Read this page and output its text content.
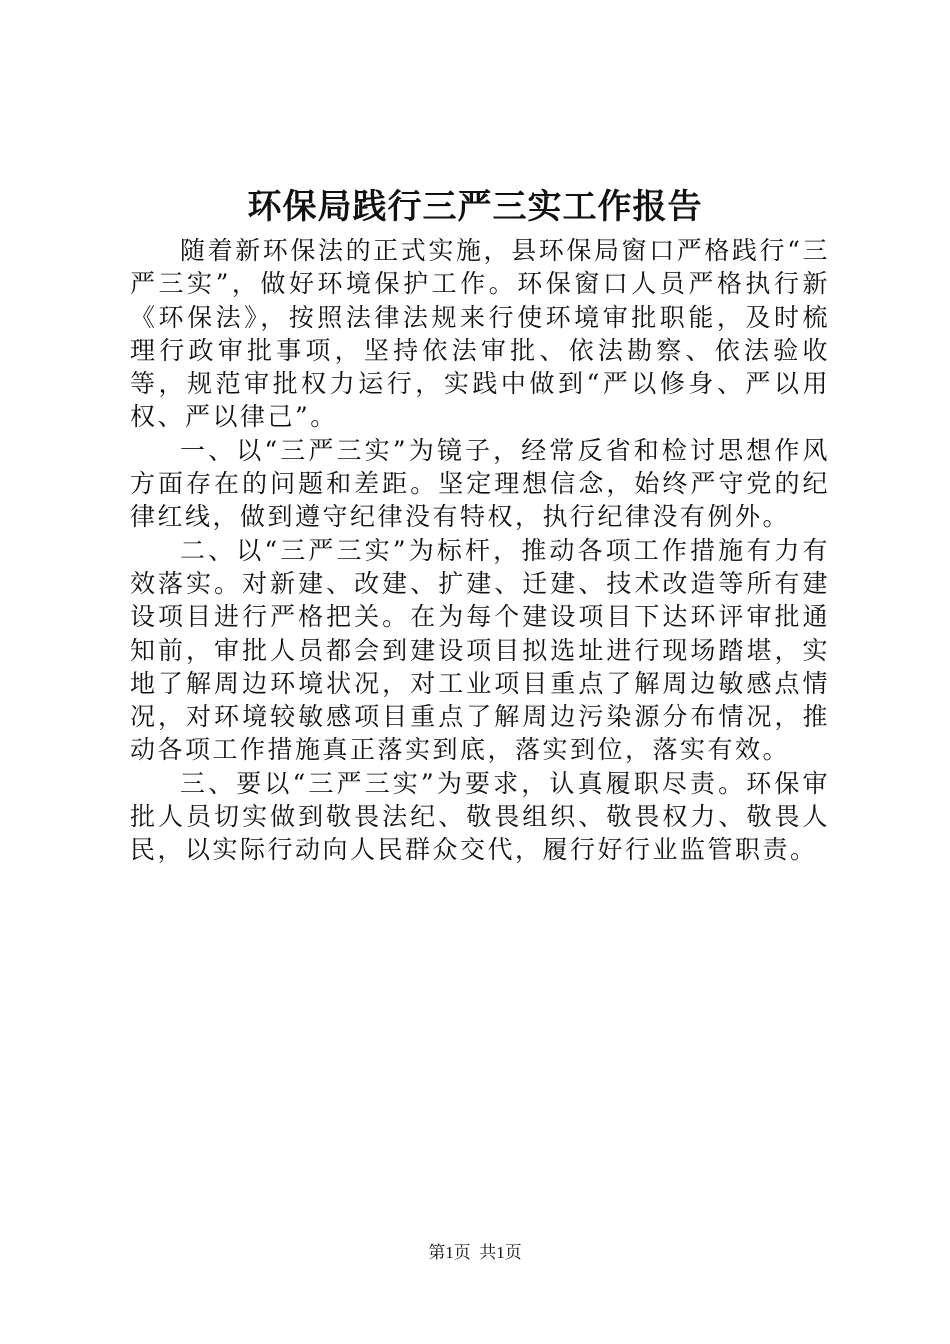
环保局践行三严三实工作报告

随着新环保法的正式实施，县环保局窗口严格践行“三严三实”，做好环境保护工作。环保窗口人员严格执行新《环保法》，按照法律法规来行使环境审批职能，及时梳理行政审批事项，坚持依法审批、依法勘察、依法验收等，规范审批权力运行，实践中做到“严以修身、严以用权、严以律己”。

一、以“三严三实”为镜子，经常反省和检讨思想作风方面存在的问题和差距。坚定理想信念，始终严守党的纪律红线，做到遵守纪律没有特权，执行纪律没有例外。

二、以“三严三实”为标杆，推动各项工作措施有力有效落实。对新建、改建、扩建、迁建、技术改造等所有建设项目进行严格把关。在为每个建设项目下达环评审批通知前，审批人员都会到建设项目拟选址进行现场踏堪，实地了解周边环境状况，对工业项目重点了解周边敏感点情况，对环境较敏感项目重点了解周边污染源分布情况，推动各项工作措施真正落实到底，落实到位，落实有效。

三、要以“三严三实”为要求，认真履职尽责。环保审批人员切实做到敬畏法纪、敬畏组织、敬畏权力、敬畏人民，以实际行动向人民群众交代，履行好行业监管职责。

第1页 共1页
